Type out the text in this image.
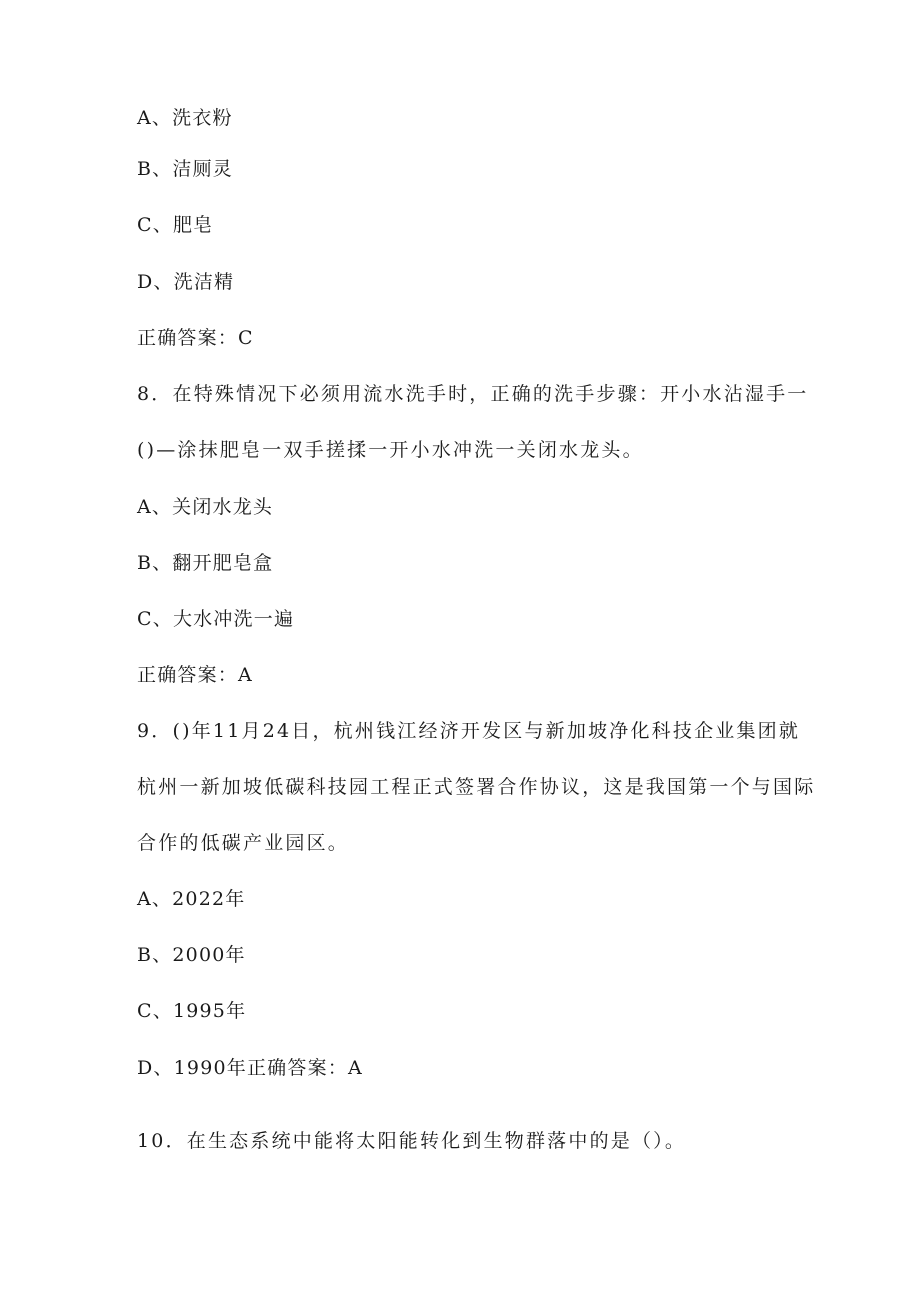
A、洗衣粉
B、洁厕灵
C、肥皂
D、洗洁精
正确答案：C
8．在特殊情况下必须用流水洗手时，正确的洗手步骤：开小水沾湿手一
()—涂抹肥皂一双手搓揉一开小水冲洗一关闭水龙头。
A、关闭水龙头
B、翻开肥皂盒
C、大水冲洗一遍
正确答案：A
9．()年11月24日，杭州钱江经济开发区与新加坡净化科技企业集团就
杭州一新加坡低碳科技园工程正式签署合作协议，这是我国第一个与国际
合作的低碳产业园区。
A、2022年
B、2000年
C、1995年
D、1990年正确答案：A
10．在生态系统中能将太阳能转化到生物群落中的是（）。
